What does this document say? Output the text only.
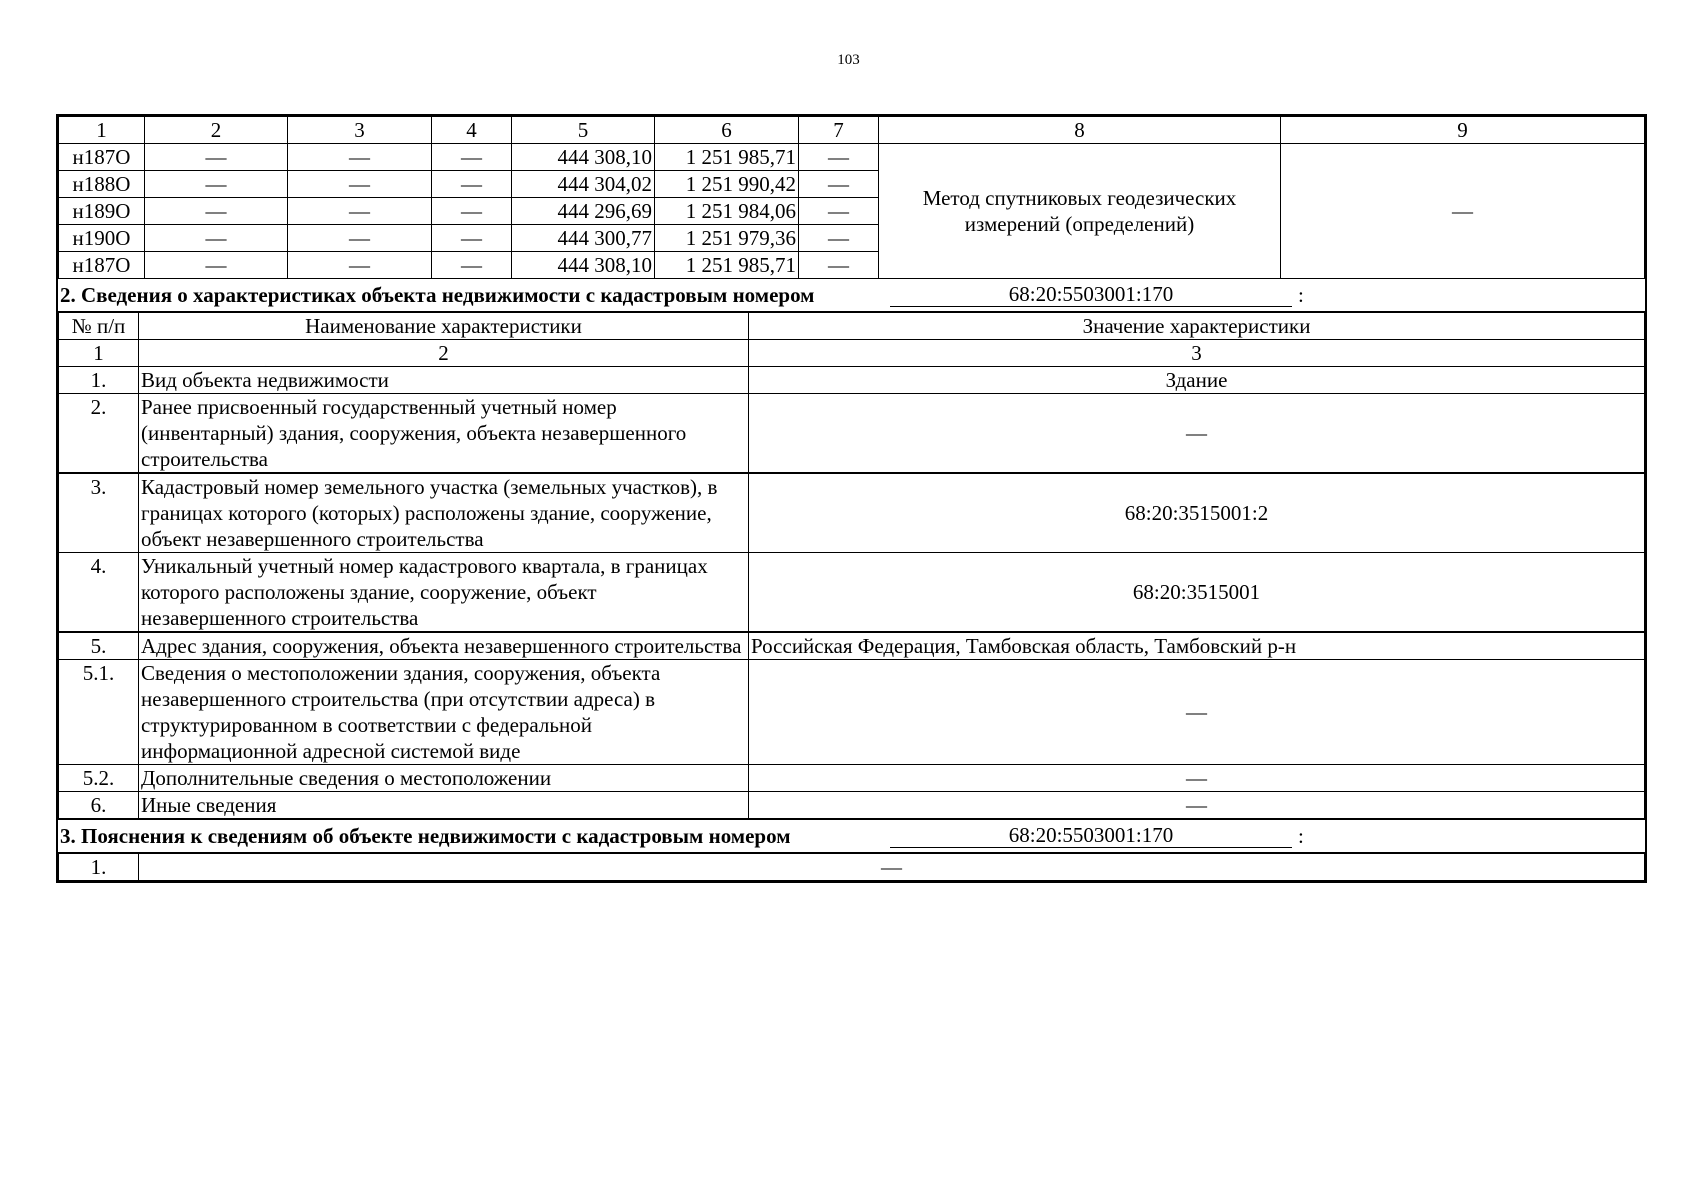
103
1	2	3	4	5	6	7	8	9
н187О	—	—	—	444 308,10	1 251 985,71	—	Метод спутниковых геодезических измерений (определений)	—
н188О	—	—	—	444 304,02	1 251 990,42	—		
н189О	—	—	—	444 296,69	1 251 984,06	—		
н190О	—	—	—	444 300,77	1 251 979,36	—		
н187О	—	—	—	444 308,10	1 251 985,71	—		
2. Сведения о характеристиках объекта недвижимости с кадастровым номером	68:20:5503001:170	:
№ п/п	Наименование характеристики	Значение характеристики
1	2	3
1.	Вид объекта недвижимости	Здание
2.	Ранее присвоенный государственный учетный номер (инвентарный) здания, сооружения, объекта незавершенного строительства	—
3.	Кадастровый номер земельного участка (земельных участков), в границах которого (которых) расположены здание, сооружение, объект незавершенного строительства	68:20:3515001:2
4.	Уникальный учетный номер кадастрового квартала, в границах которого расположены здание, сооружение, объект незавершенного строительства	68:20:3515001
5.	Адрес здания, сооружения, объекта незавершенного строительства	Российская Федерация, Тамбовская область, Тамбовский р-н
5.1.	Сведения о местоположении здания, сооружения, объекта незавершенного строительства (при отсутствии адреса) в структурированном в соответствии с федеральной информационной адресной системой виде	—
5.2.	Дополнительные сведения о местоположении	—
6.	Иные сведения	—
3. Пояснения к сведениям об объекте недвижимости с кадастровым номером	68:20:5503001:170	:
1.	—
